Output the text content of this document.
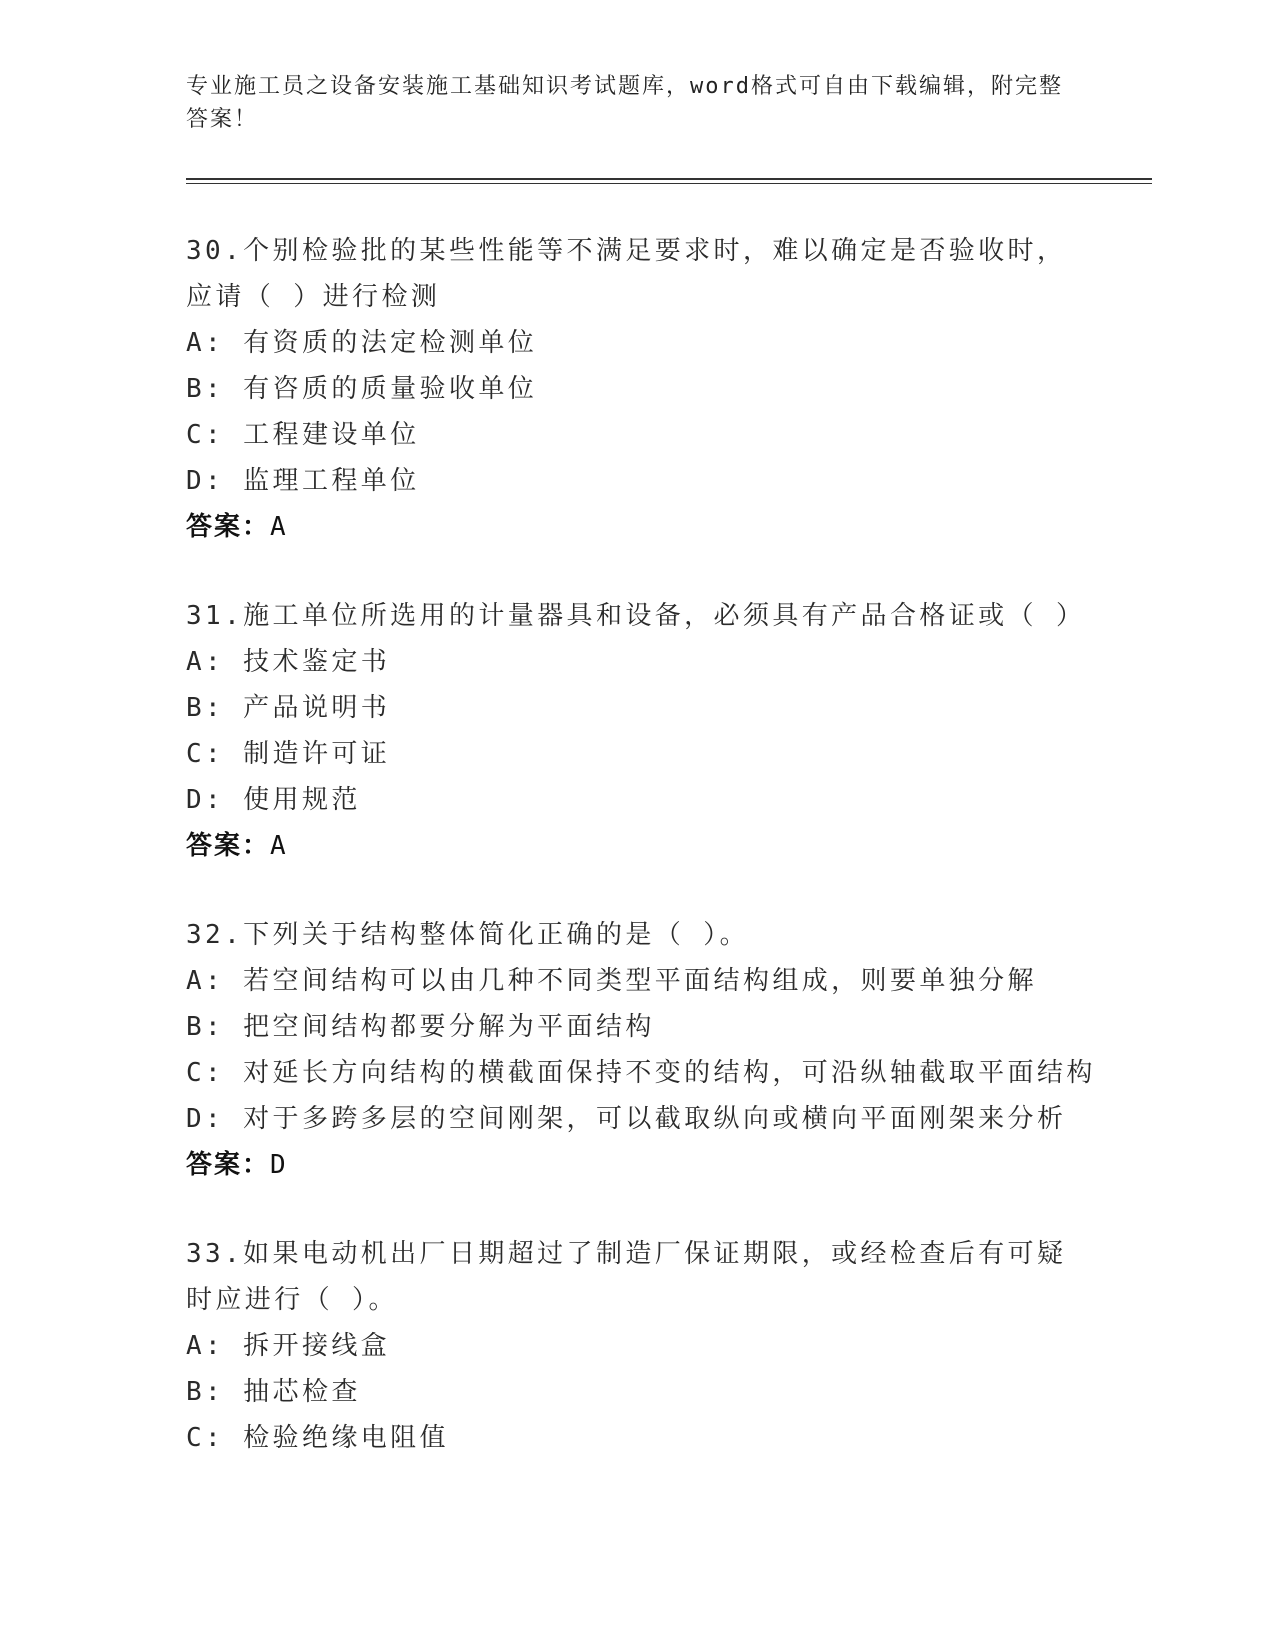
专业施工员之设备安装施工基础知识考试题库，word格式可自由下载编辑，附完整答案！

30.个别检验批的某些性能等不满足要求时，难以确定是否验收时，应请（ ）进行检测

A: 有资质的法定检测单位

B: 有咨质的质量验收单位

C: 工程建设单位

D: 监理工程单位

答案：A

31.施工单位所选用的计量器具和设备，必须具有产品合格证或（ ）

A: 技术鉴定书

B: 产品说明书

C: 制造许可证

D: 使用规范

答案：A

32.下列关于结构整体简化正确的是（ ）。

A: 若空间结构可以由几种不同类型平面结构组成，则要单独分解

B: 把空间结构都要分解为平面结构

C: 对延长方向结构的横截面保持不变的结构，可沿纵轴截取平面结构

D: 对于多跨多层的空间刚架，可以截取纵向或横向平面刚架来分析

答案：D

33.如果电动机出厂日期超过了制造厂保证期限，或经检查后有可疑时应进行（ ）。

A: 拆开接线盒

B: 抽芯检查

C: 检验绝缘电阻值
